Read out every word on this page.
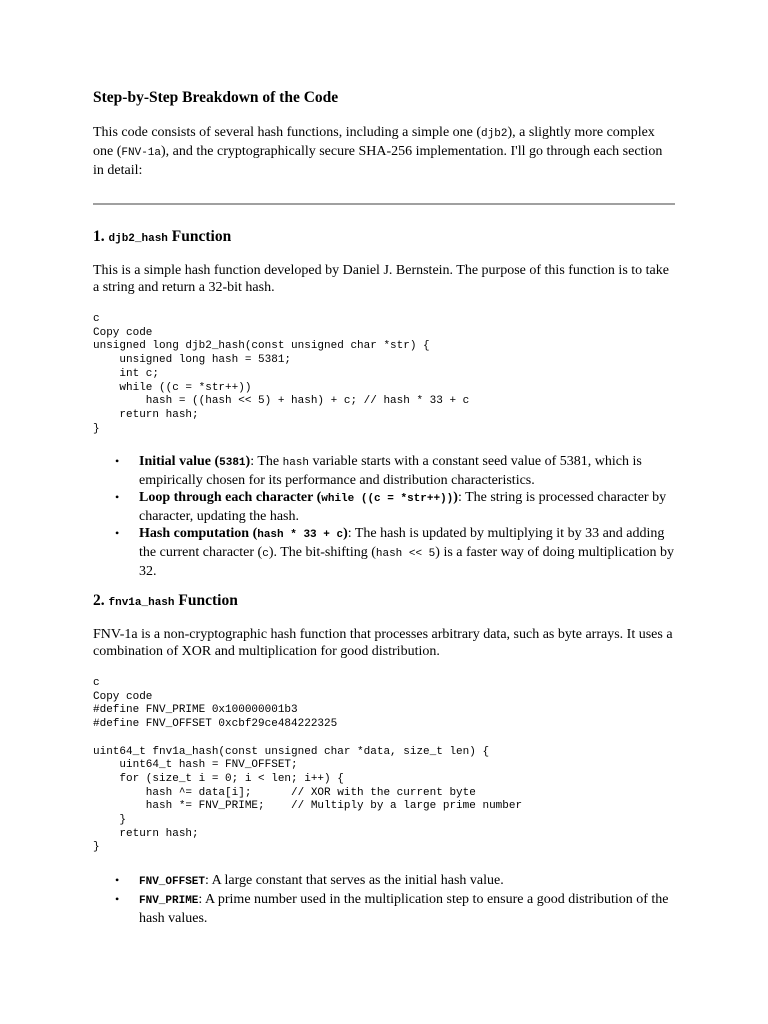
Step-by-Step Breakdown of the Code

This code consists of several hash functions, including a simple one (djb2), a slightly more complex one (FNV-1a), and the cryptographically secure SHA-256 implementation. I'll go through each section in detail:

1. djb2_hash Function

This is a simple hash function developed by Daniel J. Bernstein. The purpose of this function is to take a string and return a 32-bit hash.

c
Copy code
unsigned long djb2_hash(const unsigned char *str) {
unsigned long hash = 5381;
int c;
while ((c = *str++))
hash = ((hash << 5) + hash) + c; // hash * 33 + c
return hash;
}
• Initial value (5381): The hash variable starts with a constant seed value of 5381, which is empirically chosen for its performance and distribution characteristics.
• Loop through each character (while ((c = *str++))): The string is processed character by character, updating the hash.
• Hash computation (hash * 33 + c): The hash is updated by multiplying it by 33 and adding the current character (c). The bit-shifting (hash << 5) is a faster way of doing multiplication by 32.
2. fnv1a_hash Function

FNV-1a is a non-cryptographic hash function that processes arbitrary data, such as byte arrays. It uses a combination of XOR and multiplication for good distribution.

c
Copy code
#define FNV_PRIME 0x100000001b3
#define FNV_OFFSET 0xcbf29ce484222325

uint64_t fnv1a_hash(const unsigned char *data, size_t len) {
uint64_t hash = FNV_OFFSET;
for (size_t i = 0; i < len; i++) {
hash ^= data[i];      // XOR with the current byte
hash *= FNV_PRIME;    // Multiply by a large prime number
}
return hash;
}
• FNV_OFFSET: A large constant that serves as the initial hash value.
• FNV_PRIME: A prime number used in the multiplication step to ensure a good distribution of the hash values.
